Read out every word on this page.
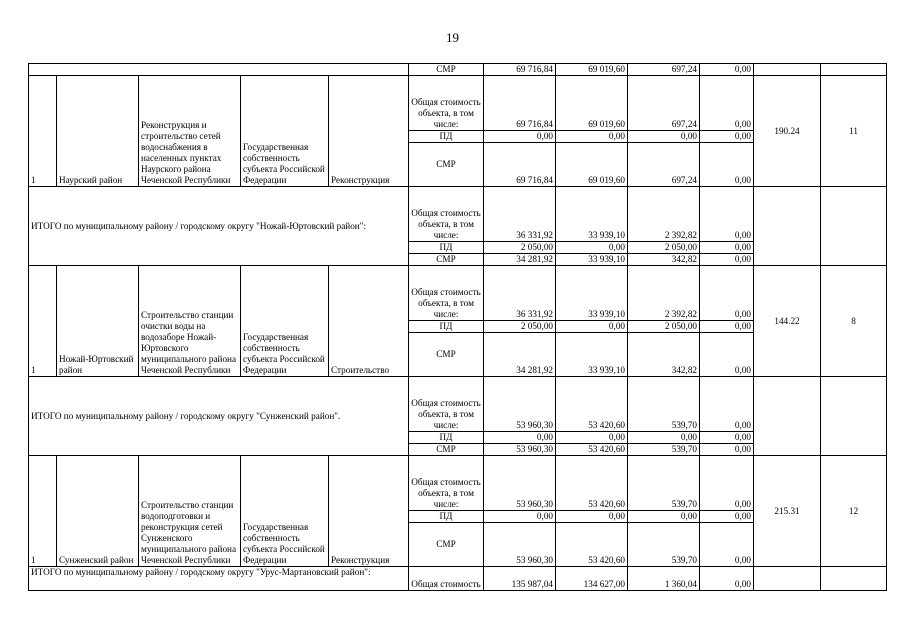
19
					СМР	69 716,84	69 019,60	697,24	0,00		
1	Наурский район	Реконструкция и строительство сетей водоснабжения в населенных пунктах Наурского района Чеченской Республики	Государственная собственность субъекта Российской Федерации	Реконструкция	Общая стоимость объекта, в том числе:	69 716,84	69 019,60	697,24	0,00	190.24	11
					ПД	0,00	0,00	0,00	0,00		
					СМР	69 716,84	69 019,60	697,24	0,00		
ИТОГО по муниципальному району / городскому округу "Ножай-Юртовский район":					Общая стоимость объекта, в том числе:	36 331,92	33 939,10	2 392,82	0,00		
					ПД	2 050,00	0,00	2 050,00	0,00		
					СМР	34 281,92	33 939,10	342,82	0,00		
1	Ножай-Юртовский район	Строительство станции очистки воды на водозаборе Ножай-Юртовского муниципального района Чеченской Республики	Государственная собственность субъекта Российской Федерации	Строительство	Общая стоимость объекта, в том числе:	36 331,92	33 939,10	2 392,82	0,00	144.22	8
					ПД	2 050,00	0,00	2 050,00	0,00		
					СМР	34 281,92	33 939,10	342,82	0,00		
ИТОГО по муниципальному району / городскому округу "Сунженский район".					Общая стоимость объекта, в том числе:	53 960,30	53 420,60	539,70	0,00		
					ПД	0,00	0,00	0,00	0,00		
					СМР	53 960,30	53 420,60	539,70	0,00		
1	Сунженский район	Строительство станции водоподготовки и реконструкция сетей Сунженского муниципального района Чеченской Республики	Государственная собственность субъекта Российской Федерации	Реконструкция	Общая стоимость объекта, в том числе:	53 960,30	53 420,60	539,70	0,00	215.31	12
					ПД	0,00	0,00	0,00	0,00		
					СМР	53 960,30	53 420,60	539,70	0,00		
ИТОГО по муниципальному району / городскому округу "Урус-Мартановский район":					Общая стоимость	135 987,04	134 627,00	1 360,04	0,00		
